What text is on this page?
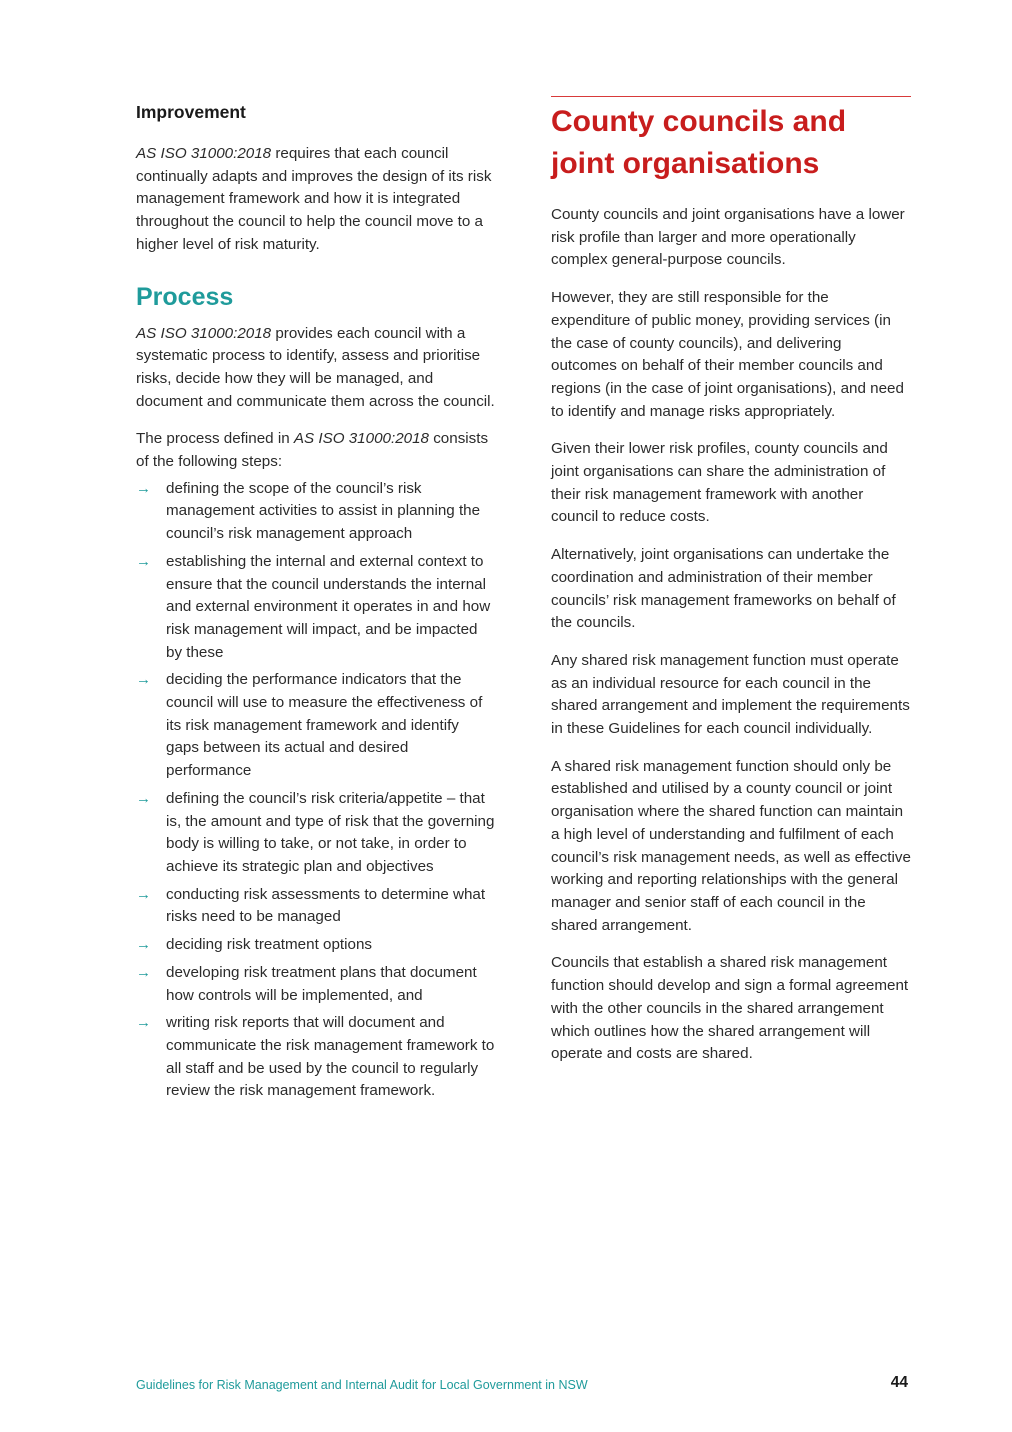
Improvement

AS ISO 31000:2018 requires that each council continually adapts and improves the design of its risk management framework and how it is integrated throughout the council to help the council move to a higher level of risk maturity.

Process

AS ISO 31000:2018 provides each council with a systematic process to identify, assess and prioritise risks, decide how they will be managed, and document and communicate them across the council.

The process defined in AS ISO 31000:2018 consists of the following steps:

→ defining the scope of the council’s risk management activities to assist in planning the council’s risk management approach
→ establishing the internal and external context to ensure that the council understands the internal and external environment it operates in and how risk management will impact, and be impacted by these
→ deciding the performance indicators that the council will use to measure the effectiveness of its risk management framework and identify gaps between its actual and desired performance
→ defining the council’s risk criteria/appetite – that is, the amount and type of risk that the governing body is willing to take, or not take, in order to achieve its strategic plan and objectives
→ conducting risk assessments to determine what risks need to be managed
→ deciding risk treatment options
→ developing risk treatment plans that document how controls will be implemented, and
→ writing risk reports that will document and communicate the risk management framework to all staff and be used by the council to regularly review the risk management framework.
County councils and
joint organisations

County councils and joint organisations have a lower risk profile than larger and more operationally complex general-purpose councils.

However, they are still responsible for the expenditure of public money, providing services (in the case of county councils), and delivering outcomes on behalf of their member councils and regions (in the case of joint organisations), and need to identify and manage risks appropriately.

Given their lower risk profiles, county councils and joint organisations can share the administration of their risk management framework with another council to reduce costs.

Alternatively, joint organisations can undertake the coordination and administration of their member councils’ risk management frameworks on behalf of the councils.

Any shared risk management function must operate as an individual resource for each council in the shared arrangement and implement the requirements in these Guidelines for each council individually.

A shared risk management function should only be established and utilised by a county council or joint organisation where the shared function can maintain a high level of understanding and fulfilment of each council’s risk management needs, as well as effective working and reporting relationships with the general manager and senior staff of each council in the shared arrangement.

Councils that establish a shared risk management function should develop and sign a formal agreement with the other councils in the shared arrangement which outlines how the shared arrangement will operate and costs are shared.

Guidelines for Risk Management and Internal Audit for Local Government in NSW	44
